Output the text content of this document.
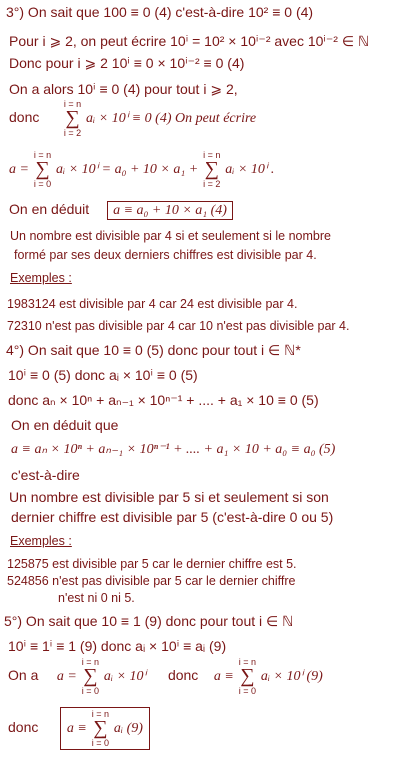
3°) On sait que 100 ≡ 0 (4) c'est-à-dire 10² ≡ 0 (4)
Pour i ⩾ 2, on peut écrire 10ⁱ = 10² × 10ⁱ⁻² avec 10ⁱ⁻² ∈ ℕ
Donc pour i ⩾ 2 10ⁱ ≡ 0 × 10ⁱ⁻² ≡ 0 (4)
On a alors 10ⁱ ≡ 0 (4) pour tout i ⩾ 2,
donc
i = n
∑
i = 2
aᵢ × 10ⁱ ≡ 0 (4) On peut écrire
a =
i = n
∑
i = 0
aᵢ × 10ⁱ = a₀ + 10 × a₁ +
i = n
∑
i = 2
aᵢ × 10ⁱ .
On en déduit a ≡ a₀ + 10 × a₁ (4)
Un nombre est divisible par 4 si et seulement si le nombre
formé par ses deux derniers chiffres est divisible par 4.
Exemples :
1983124 est divisible par 4 car 24 est divisible par 4.
72310 n'est pas divisible par 4 car 10 n'est pas divisible par 4.
4°) On sait que 10 ≡ 0 (5) donc pour tout i ∈ ℕ*
10ⁱ ≡ 0 (5) donc aᵢ × 10ⁱ ≡ 0 (5)
donc aₙ × 10ⁿ + aₙ₋₁ × 10ⁿ⁻¹ + .... + a₁ × 10 ≡ 0 (5)
On en déduit que
a ≡ aₙ × 10ⁿ + aₙ₋₁ × 10ⁿ⁻¹ + .... + a₁ × 10 + a₀ ≡ a₀ (5)
c'est-à-dire
Un nombre est divisible par 5 si et seulement si son
dernier chiffre est divisible par 5 (c'est-à-dire 0 ou 5)
Exemples :
125875 est divisible par 5 car le dernier chiffre est 5.
524856 n'est pas divisible par 5 car le dernier chiffre
n'est ni 0 ni 5.
5°) On sait que 10 ≡ 1 (9) donc pour tout i ∈ ℕ
10ⁱ ≡ 1ⁱ ≡ 1 (9) donc aᵢ × 10ⁱ ≡ aᵢ (9)
On a a =
i = n
∑
i = 0
aᵢ × 10ⁱ donc a ≡
i = n
∑
i = 0
aᵢ × 10ⁱ (9)
donc a ≡
i = n
∑
i = 0
aᵢ (9)
